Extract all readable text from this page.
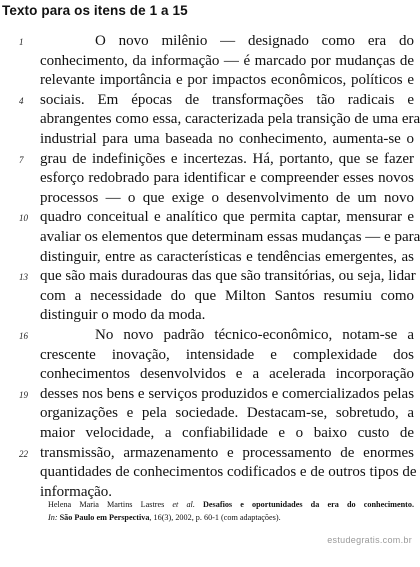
Texto para os itens de 1 a 15
O novo milênio — designado como era do
conhecimento, da informação — é marcado por mudanças de
relevante importância e por impactos econômicos, políticos e
sociais. Em épocas de transformações tão radicais e
abrangentes como essa, caracterizada pela transição de uma era
industrial para uma baseada no conhecimento, aumenta-se o
grau de indefinições e incertezas. Há, portanto, que se fazer
esforço redobrado para identificar e compreender esses novos
processos — o que exige o desenvolvimento de um novo
quadro conceitual e analítico que permita captar, mensurar e
avaliar os elementos que determinam essas mudanças — e para
distinguir, entre as características e tendências emergentes, as
que são mais duradouras das que são transitórias, ou seja, lidar
com a necessidade do que Milton Santos resumiu como
distinguir o modo da moda.
No novo padrão técnico-econômico, notam-se a
crescente inovação, intensidade e complexidade dos
conhecimentos desenvolvidos e a acelerada incorporação
desses nos bens e serviços produzidos e comercializados pelas
organizações e pela sociedade. Destacam-se, sobretudo, a
maior velocidade, a confiabilidade e o baixo custo de
transmissão, armazenamento e processamento de enormes
quantidades de conhecimentos codificados e de outros tipos de
informação.
1
4
7
10
13
16
19
22
Helena Maria Martins Lastres et al. Desafios e oportunidades da era do conhecimento.
In: São Paulo em Perspectiva, 16(3), 2002, p. 60-1 (com adaptações).
estudegratis.com.br
